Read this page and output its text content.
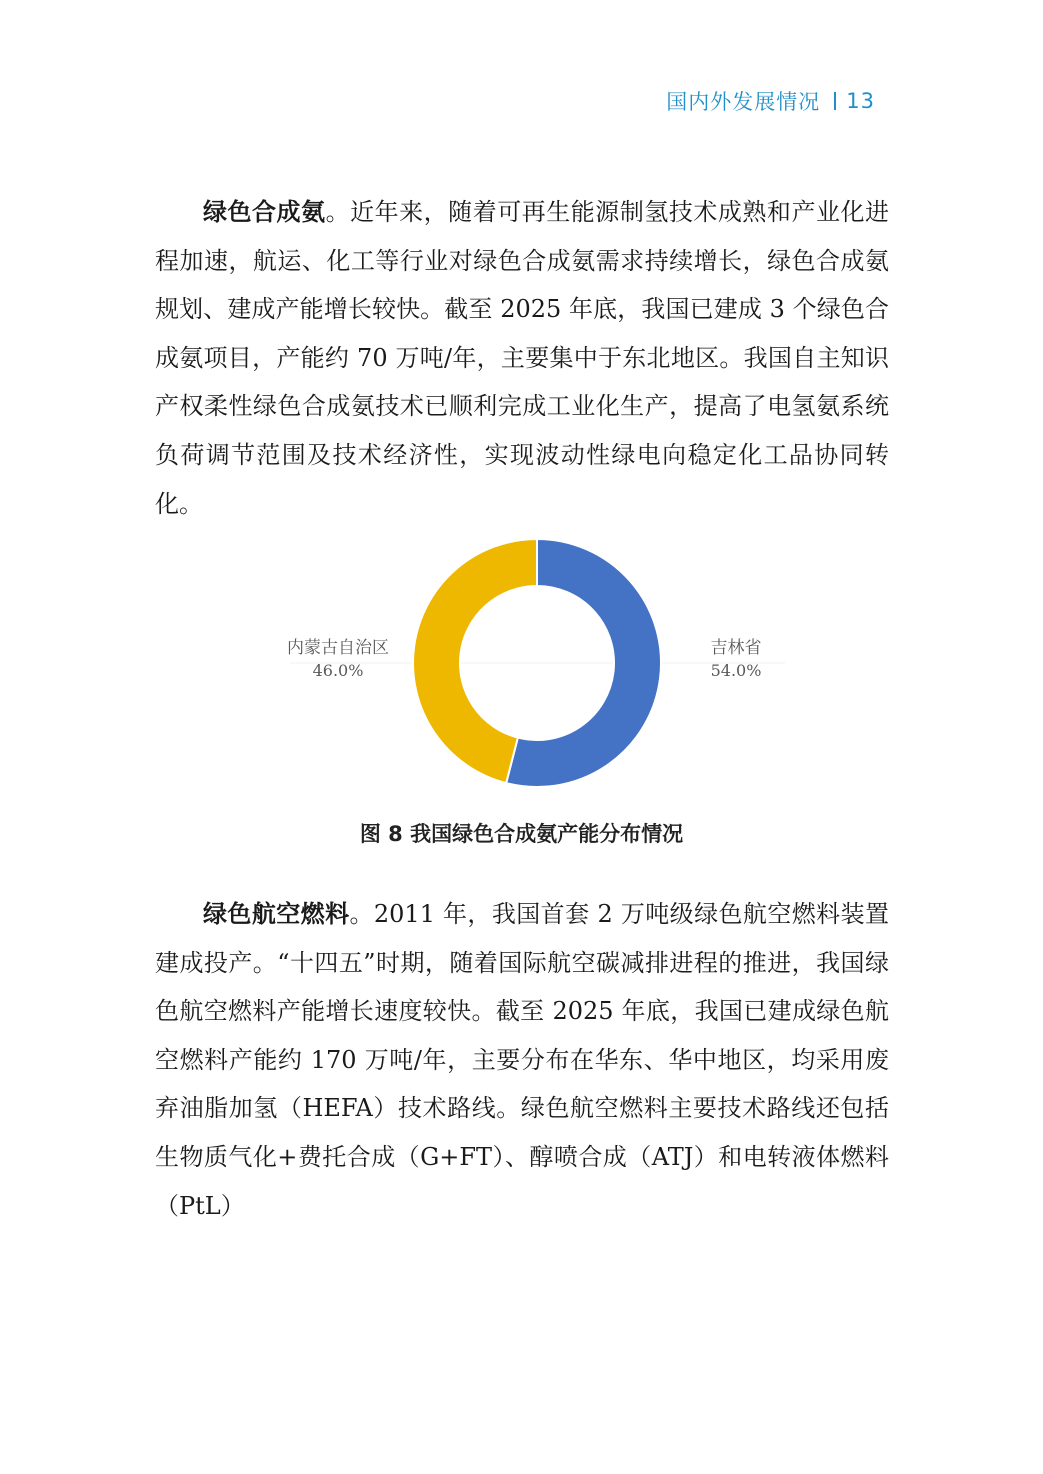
国内外发展情况 13

绿色合成氨。近年来，随着可再生能源制氢技术成熟和产业化进程加速，航运、化工等行业对绿色合成氨需求持续增长，绿色合成氨规划、建成产能增长较快。截至 2025 年底，我国已建成 3 个绿色合成氨项目，产能约 70 万吨/年，主要集中于东北地区。我国自主知识产权柔性绿色合成氨技术已顺利完成工业化生产，提高了电氢氨系统负荷调节范围及技术经济性，实现波动性绿电向稳定化工品协同转化。

吉林省
54.0%
内蒙古自治区
46.0%
图 8 我国绿色合成氨产能分布情况

绿色航空燃料。2011 年，我国首套 2 万吨级绿色航空燃料装置建成投产。“十四五”时期，随着国际航空碳减排进程的推进，我国绿色航空燃料产能增长速度较快。截至 2025 年底，我国已建成绿色航空燃料产能约 170 万吨/年，主要分布在华东、华中地区，均采用废弃油脂加氢（HEFA）技术路线。绿色航空燃料主要技术路线还包括生物质气化+费托合成（G+FT）、醇喷合成（ATJ）和电转液体燃料（PtL）
